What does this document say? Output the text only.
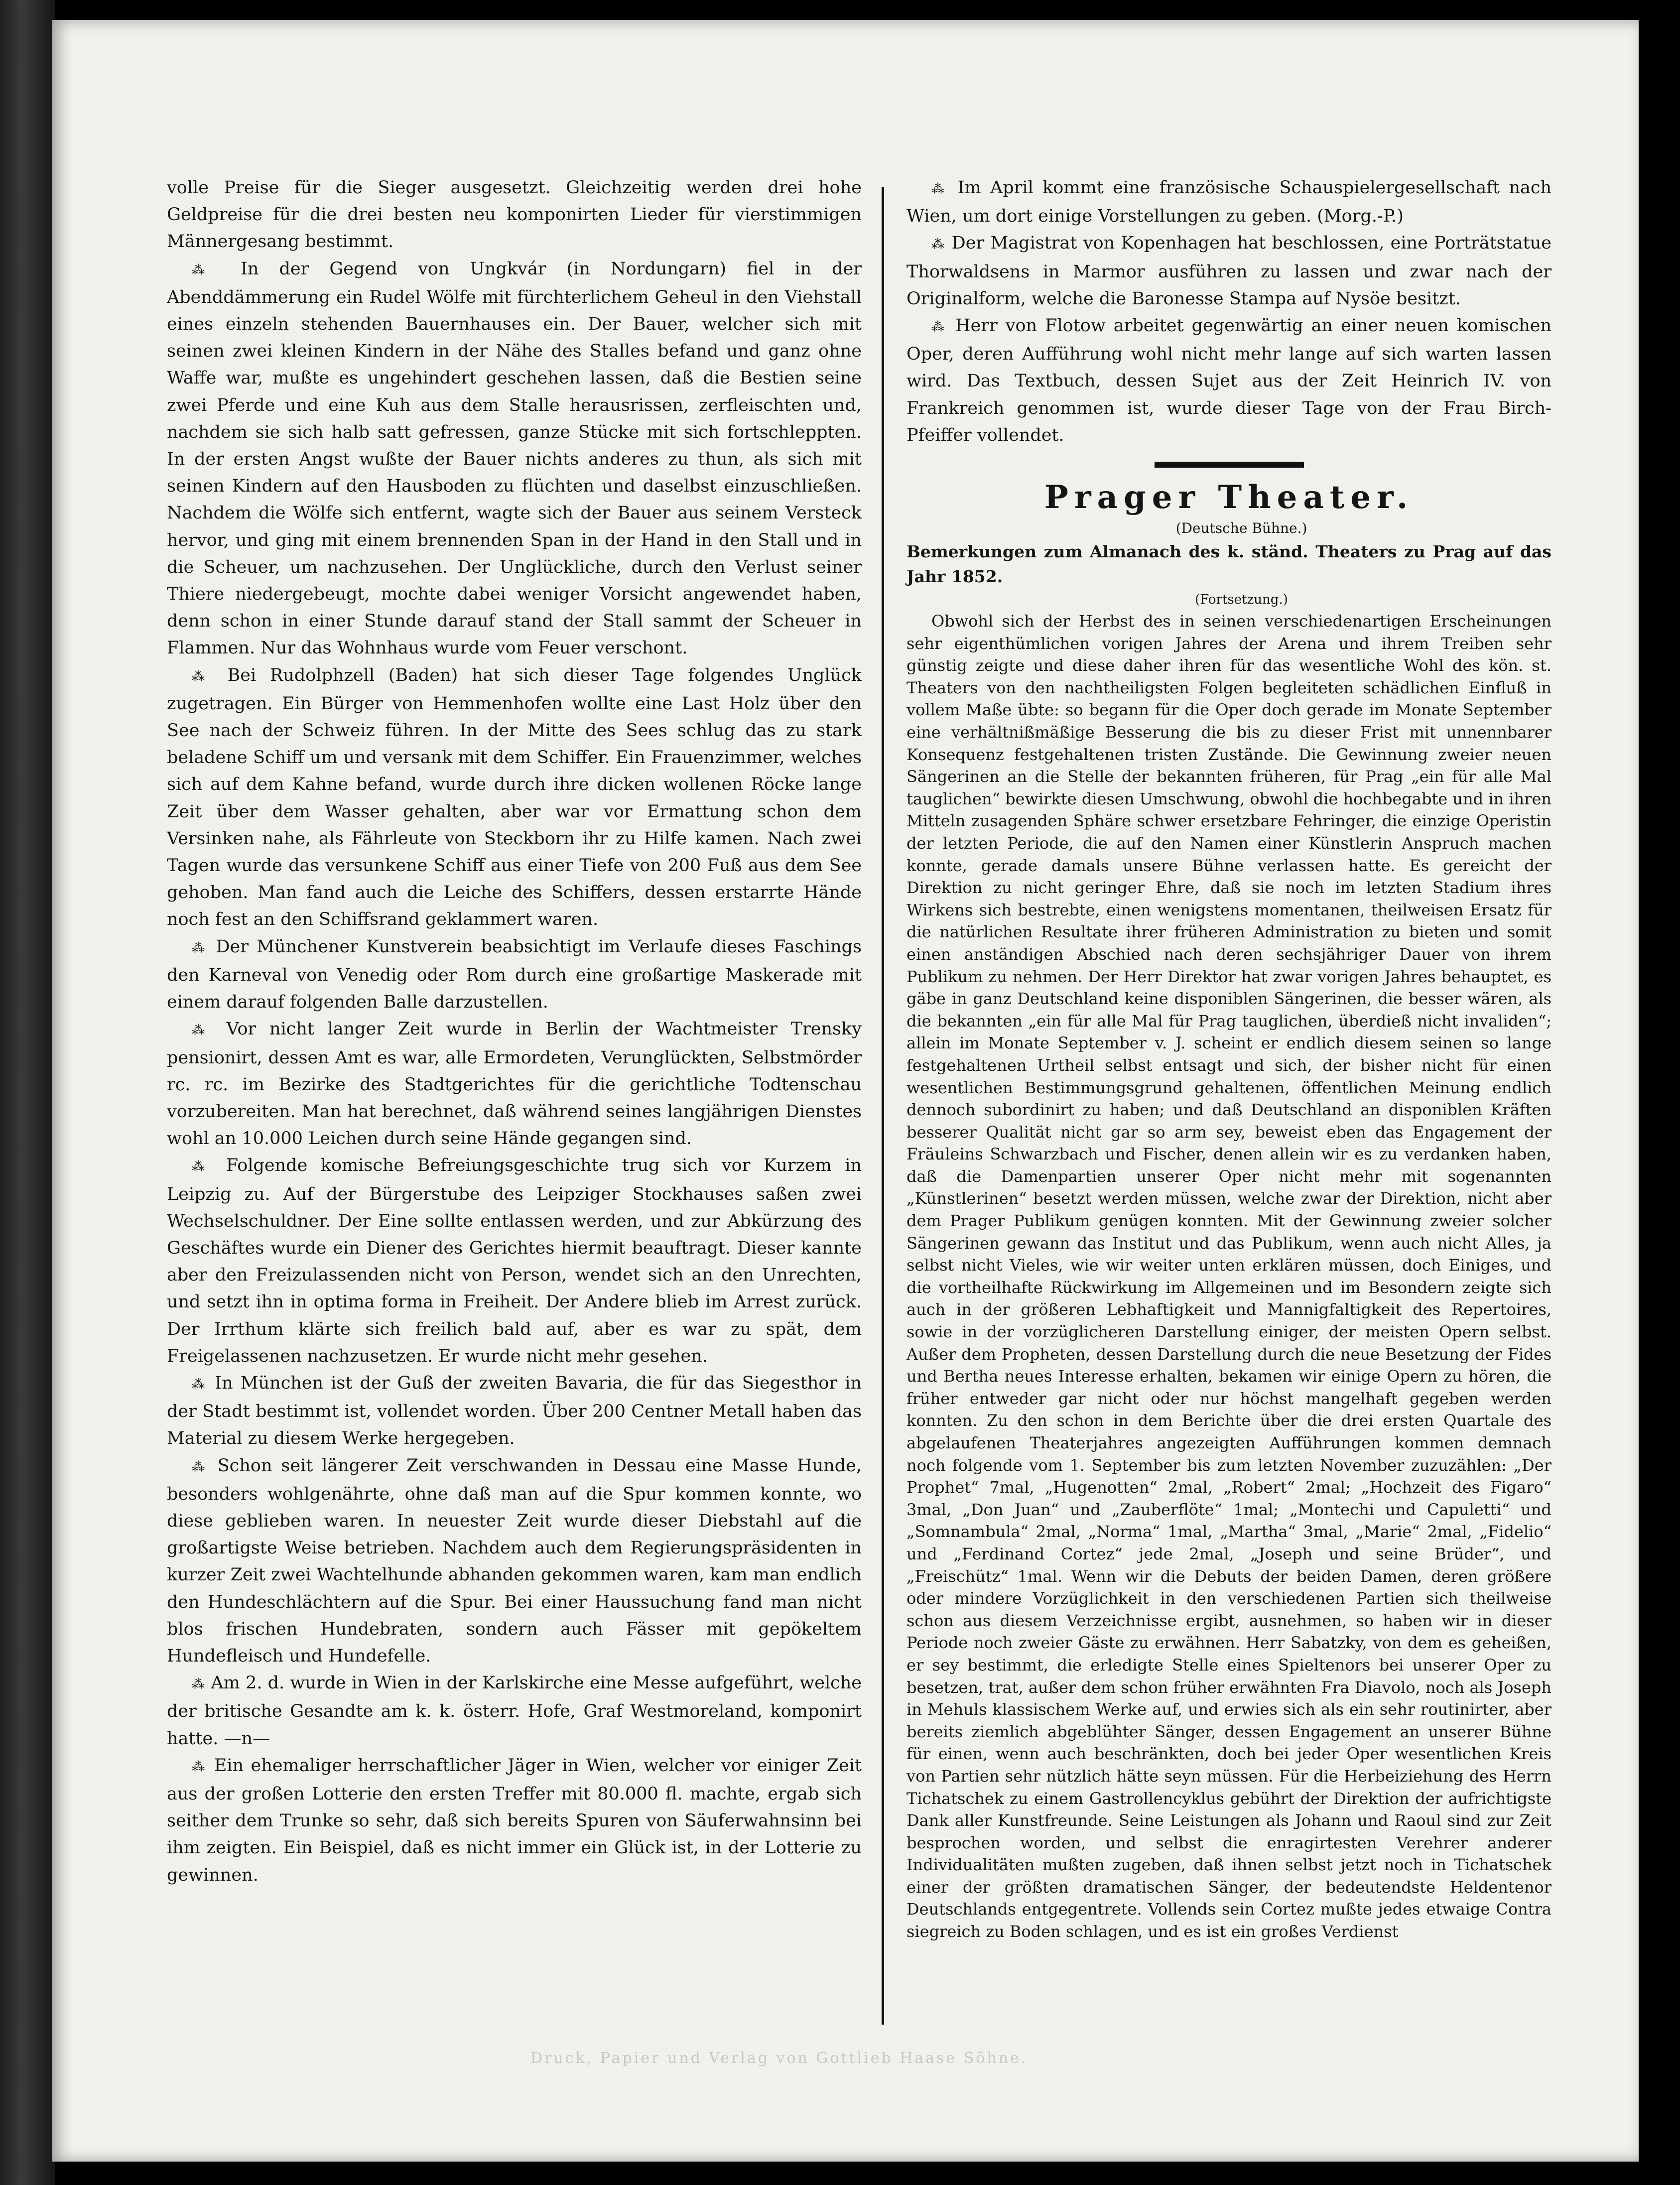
volle Preise für die Sieger ausgesetzt. Gleichzeitig werden drei hohe Geldpreise für die drei besten neu komponirten Lieder für vierstimmigen Männergesang bestimmt.

⁂ In der Gegend von Ungkvár (in Nordungarn) fiel in der Abenddämmerung ein Rudel Wölfe mit fürchterlichem Geheul in den Viehstall eines einzeln stehenden Bauernhauses ein. Der Bauer, welcher sich mit seinen zwei kleinen Kindern in der Nähe des Stalles befand und ganz ohne Waffe war, mußte es ungehindert geschehen lassen, daß die Bestien seine zwei Pferde und eine Kuh aus dem Stalle herausrissen, zerfleischten und, nachdem sie sich halb satt gefressen, ganze Stücke mit sich fortschleppten. In der ersten Angst wußte der Bauer nichts anderes zu thun, als sich mit seinen Kindern auf den Hausboden zu flüchten und daselbst einzuschließen. Nachdem die Wölfe sich entfernt, wagte sich der Bauer aus seinem Versteck hervor, und ging mit einem brennenden Span in der Hand in den Stall und in die Scheuer, um nachzusehen. Der Unglückliche, durch den Verlust seiner Thiere niedergebeugt, mochte dabei weniger Vorsicht angewendet haben, denn schon in einer Stunde darauf stand der Stall sammt der Scheuer in Flammen. Nur das Wohnhaus wurde vom Feuer verschont.

⁂ Bei Rudolphzell (Baden) hat sich dieser Tage folgendes Unglück zugetragen. Ein Bürger von Hemmenhofen wollte eine Last Holz über den See nach der Schweiz führen. In der Mitte des Sees schlug das zu stark beladene Schiff um und versank mit dem Schiffer. Ein Frauenzimmer, welches sich auf dem Kahne befand, wurde durch ihre dicken wollenen Röcke lange Zeit über dem Wasser gehalten, aber war vor Ermattung schon dem Versinken nahe, als Fährleute von Steckborn ihr zu Hilfe kamen. Nach zwei Tagen wurde das versunkene Schiff aus einer Tiefe von 200 Fuß aus dem See gehoben. Man fand auch die Leiche des Schiffers, dessen erstarrte Hände noch fest an den Schiffsrand geklammert waren.

⁂ Der Münchener Kunstverein beabsichtigt im Verlaufe dieses Faschings den Karneval von Venedig oder Rom durch eine großartige Maskerade mit einem darauf folgenden Balle darzustellen.

⁂ Vor nicht langer Zeit wurde in Berlin der Wachtmeister Trensky pensionirt, dessen Amt es war, alle Ermordeten, Verunglückten, Selbstmörder rc. rc. im Bezirke des Stadtgerichtes für die gerichtliche Todtenschau vorzubereiten. Man hat berechnet, daß während seines langjährigen Dienstes wohl an 10.000 Leichen durch seine Hände gegangen sind.

⁂ Folgende komische Befreiungsgeschichte trug sich vor Kurzem in Leipzig zu. Auf der Bürgerstube des Leipziger Stockhauses saßen zwei Wechselschuldner. Der Eine sollte entlassen werden, und zur Abkürzung des Geschäftes wurde ein Diener des Gerichtes hiermit beauftragt. Dieser kannte aber den Freizulassenden nicht von Person, wendet sich an den Unrechten, und setzt ihn in optima forma in Freiheit. Der Andere blieb im Arrest zurück. Der Irrthum klärte sich freilich bald auf, aber es war zu spät, dem Freigelassenen nachzusetzen. Er wurde nicht mehr gesehen.

⁂ In München ist der Guß der zweiten Bavaria, die für das Siegesthor in der Stadt bestimmt ist, vollendet worden. Über 200 Centner Metall haben das Material zu diesem Werke hergegeben.

⁂ Schon seit längerer Zeit verschwanden in Dessau eine Masse Hunde, besonders wohlgenährte, ohne daß man auf die Spur kommen konnte, wo diese geblieben waren. In neuester Zeit wurde dieser Diebstahl auf die großartigste Weise betrieben. Nachdem auch dem Regierungspräsidenten in kurzer Zeit zwei Wachtelhunde abhanden gekommen waren, kam man endlich den Hundeschlächtern auf die Spur. Bei einer Haussuchung fand man nicht blos frischen Hundebraten, sondern auch Fässer mit gepökeltem Hundefleisch und Hundefelle.

⁂ Am 2. d. wurde in Wien in der Karlskirche eine Messe aufgeführt, welche der britische Gesandte am k. k. österr. Hofe, Graf Westmoreland, komponirt hatte. —n—

⁂ Ein ehemaliger herrschaftlicher Jäger in Wien, welcher vor einiger Zeit aus der großen Lotterie den ersten Treffer mit 80.000 fl. machte, ergab sich seither dem Trunke so sehr, daß sich bereits Spuren von Säuferwahnsinn bei ihm zeigten. Ein Beispiel, daß es nicht immer ein Glück ist, in der Lotterie zu gewinnen.

⁂ Im April kommt eine französische Schauspielergesellschaft nach Wien, um dort einige Vorstellungen zu geben. (Morg.-P.)

⁂ Der Magistrat von Kopenhagen hat beschlossen, eine Porträtstatue Thorwaldsens in Marmor ausführen zu lassen und zwar nach der Originalform, welche die Baronesse Stampa auf Nysöe besitzt.

⁂ Herr von Flotow arbeitet gegenwärtig an einer neuen komischen Oper, deren Aufführung wohl nicht mehr lange auf sich warten lassen wird. Das Textbuch, dessen Sujet aus der Zeit Heinrich IV. von Frankreich genommen ist, wurde dieser Tage von der Frau Birch-Pfeiffer vollendet.

Prager Theater.

(Deutsche Bühne.)

Bemerkungen zum Almanach des k. ständ. Theaters zu Prag auf das Jahr 1852.

(Fortsetzung.)

Obwohl sich der Herbst des in seinen verschiedenartigen Erscheinungen sehr eigenthümlichen vorigen Jahres der Arena und ihrem Treiben sehr günstig zeigte und diese daher ihren für das wesentliche Wohl des kön. st. Theaters von den nachtheiligsten Folgen begleiteten schädlichen Einfluß in vollem Maße übte: so begann für die Oper doch gerade im Monate September eine verhältnißmäßige Besserung die bis zu dieser Frist mit unnennbarer Konsequenz festgehaltenen tristen Zustände. Die Gewinnung zweier neuen Sängerinen an die Stelle der bekannten früheren, für Prag „ein für alle Mal tauglichen“ bewirkte diesen Umschwung, obwohl die hochbegabte und in ihren Mitteln zusagenden Sphäre schwer ersetzbare Fehringer, die einzige Operistin der letzten Periode, die auf den Namen einer Künstlerin Anspruch machen konnte, gerade damals unsere Bühne verlassen hatte. Es gereicht der Direktion zu nicht geringer Ehre, daß sie noch im letzten Stadium ihres Wirkens sich bestrebte, einen wenigstens momentanen, theilweisen Ersatz für die natürlichen Resultate ihrer früheren Administration zu bieten und somit einen anständigen Abschied nach deren sechsjähriger Dauer von ihrem Publikum zu nehmen. Der Herr Direktor hat zwar vorigen Jahres behauptet, es gäbe in ganz Deutschland keine disponiblen Sängerinen, die besser wären, als die bekannten „ein für alle Mal für Prag tauglichen, überdieß nicht invaliden“; allein im Monate September v. J. scheint er endlich diesem seinen so lange festgehaltenen Urtheil selbst entsagt und sich, der bisher nicht für einen wesentlichen Bestimmungsgrund gehaltenen, öffentlichen Meinung endlich dennoch subordinirt zu haben; und daß Deutschland an disponiblen Kräften besserer Qualität nicht gar so arm sey, beweist eben das Engagement der Fräuleins Schwarzbach und Fischer, denen allein wir es zu verdanken haben, daß die Damenpartien unserer Oper nicht mehr mit sogenannten „Künstlerinen“ besetzt werden müssen, welche zwar der Direktion, nicht aber dem Prager Publikum genügen konnten. Mit der Gewinnung zweier solcher Sängerinen gewann das Institut und das Publikum, wenn auch nicht Alles, ja selbst nicht Vieles, wie wir weiter unten erklären müssen, doch Einiges, und die vortheilhafte Rückwirkung im Allgemeinen und im Besondern zeigte sich auch in der größeren Lebhaftigkeit und Mannigfaltigkeit des Repertoires, sowie in der vorzüglicheren Darstellung einiger, der meisten Opern selbst. Außer dem Propheten, dessen Darstellung durch die neue Besetzung der Fides und Bertha neues Interesse erhalten, bekamen wir einige Opern zu hören, die früher entweder gar nicht oder nur höchst mangelhaft gegeben werden konnten. Zu den schon in dem Berichte über die drei ersten Quartale des abgelaufenen Theaterjahres angezeigten Aufführungen kommen demnach noch folgende vom 1. September bis zum letzten November zuzuzählen: „Der Prophet“ 7mal, „Hugenotten“ 2mal, „Robert“ 2mal; „Hochzeit des Figaro“ 3mal, „Don Juan“ und „Zauberflöte“ 1mal; „Montechi und Capuletti“ und „Somnambula“ 2mal, „Norma“ 1mal, „Martha“ 3mal, „Marie“ 2mal, „Fidelio“ und „Ferdinand Cortez“ jede 2mal, „Joseph und seine Brüder“, und „Freischütz“ 1mal. Wenn wir die Debuts der beiden Damen, deren größere oder mindere Vorzüglichkeit in den verschiedenen Partien sich theilweise schon aus diesem Verzeichnisse ergibt, ausnehmen, so haben wir in dieser Periode noch zweier Gäste zu erwähnen. Herr Sabatzky, von dem es geheißen, er sey bestimmt, die erledigte Stelle eines Spieltenors bei unserer Oper zu besetzen, trat, außer dem schon früher erwähnten Fra Diavolo, noch als Joseph in Mehuls klassischem Werke auf, und erwies sich als ein sehr routinirter, aber bereits ziemlich abgeblühter Sänger, dessen Engagement an unserer Bühne für einen, wenn auch beschränkten, doch bei jeder Oper wesentlichen Kreis von Partien sehr nützlich hätte seyn müssen. Für die Herbeiziehung des Herrn Tichatschek zu einem Gastrollencyklus gebührt der Direktion der aufrichtigste Dank aller Kunstfreunde. Seine Leistungen als Johann und Raoul sind zur Zeit besprochen worden, und selbst die enragirtesten Verehrer anderer Individualitäten mußten zugeben, daß ihnen selbst jetzt noch in Tichatschek einer der größten dramatischen Sänger, der bedeutendste Heldentenor Deutschlands entgegentrete. Vollends sein Cortez mußte jedes etwaige Contra siegreich zu Boden schlagen, und es ist ein großes Verdienst

Druck, Papier und Verlag von Gottlieb Haase Söhne.
